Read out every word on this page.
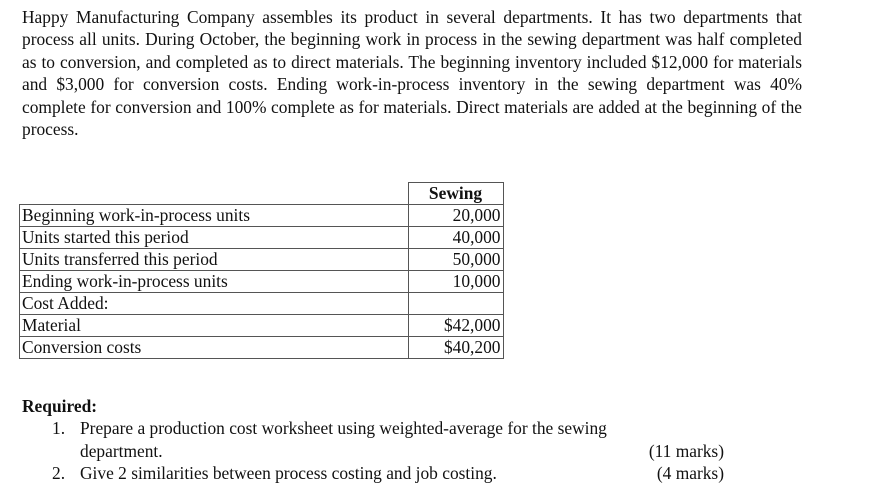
Happy Manufacturing Company assembles its product in several departments. It has two departments that process all units. During October, the beginning work in process in the sewing department was half completed as to conversion, and completed as to direct materials. The beginning inventory included $12,000 for materials and $3,000 for conversion costs. Ending work-in-process inventory in the sewing department was 40% complete for conversion and 100% complete as for materials. Direct materials are added at the beginning of the process.
	Sewing
Beginning work-in-process units	20,000
Units started this period	40,000
Units transferred this period	50,000
Ending work-in-process units	10,000
Cost Added:	
Material	$42,000
Conversion costs	$40,200
Required:
1. Prepare a production cost worksheet using weighted-average for the sewing
department.	(11 marks)
2. Give 2 similarities between process costing and job costing.	(4 marks)
